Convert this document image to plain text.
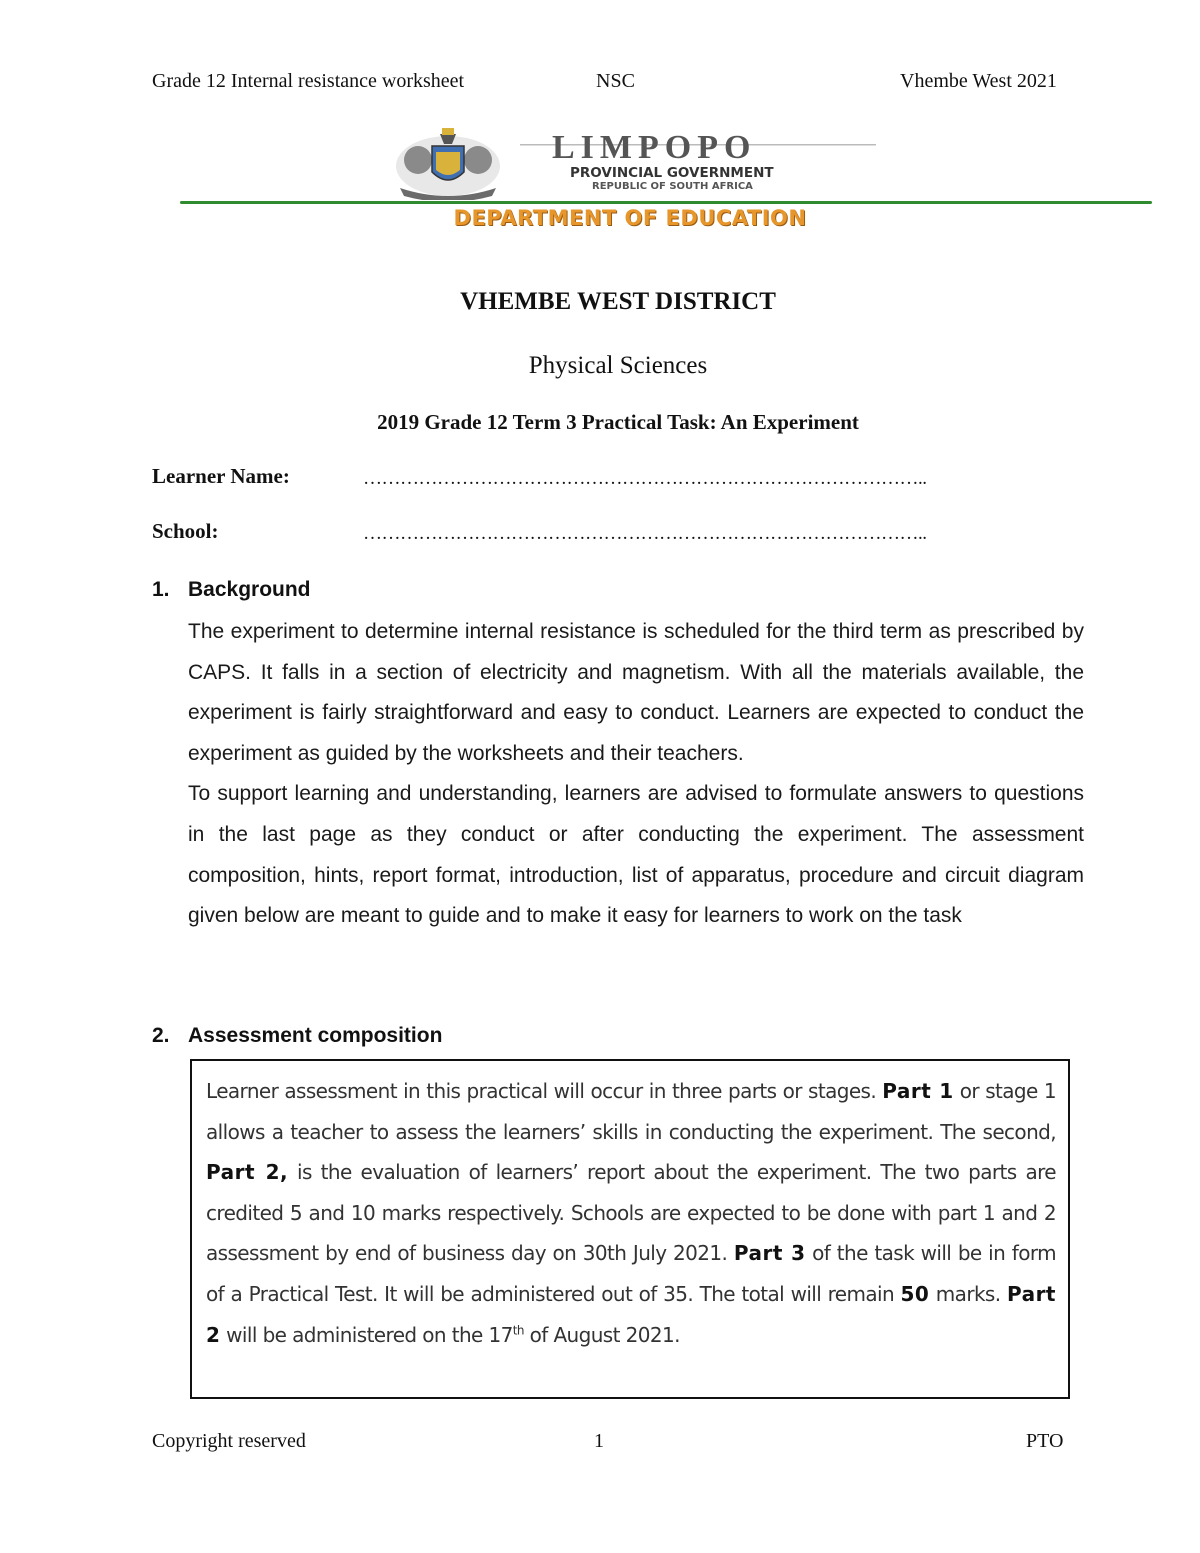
Grade 12 Internal resistance worksheet	NSC	Vhembe West 2021
LIMPOPO
PROVINCIAL GOVERNMENT
REPUBLIC OF SOUTH AFRICA
DEPARTMENT OF EDUCATION
VHEMBE WEST DISTRICT
Physical Sciences
2019 Grade 12 Term 3 Practical Task: An Experiment
Learner Name:	………………………………………………………………………………..
School:	………………………………………………………………………………..
1. Background

The experiment to determine internal resistance is scheduled for the third term as prescribed by CAPS. It falls in a section of electricity and magnetism. With all the materials available, the experiment is fairly straightforward and easy to conduct. Learners are expected to conduct the experiment as guided by the worksheets and their teachers.

To support learning and understanding, learners are advised to formulate answers to questions in the last page as they conduct or after conducting the experiment. The assessment composition, hints, report format, introduction, list of apparatus, procedure and circuit diagram given below are meant to guide and to make it easy for learners to work on the task

2. Assessment composition
Learner assessment in this practical will occur in three parts or stages. Part 1 or stage 1 allows a teacher to assess the learners’ skills in conducting the experiment. The second, Part 2, is the evaluation of learners’ report about the experiment. The two parts are credited 5 and 10 marks respectively. Schools are expected to be done with part 1 and 2 assessment by end of business day on 30th July 2021. Part 3 of the task will be in form of a Practical Test. It will be administered out of 35. The total will remain 50 marks. Part 2 will be administered on the 17th of August 2021.
Copyright reserved	1	PTO
